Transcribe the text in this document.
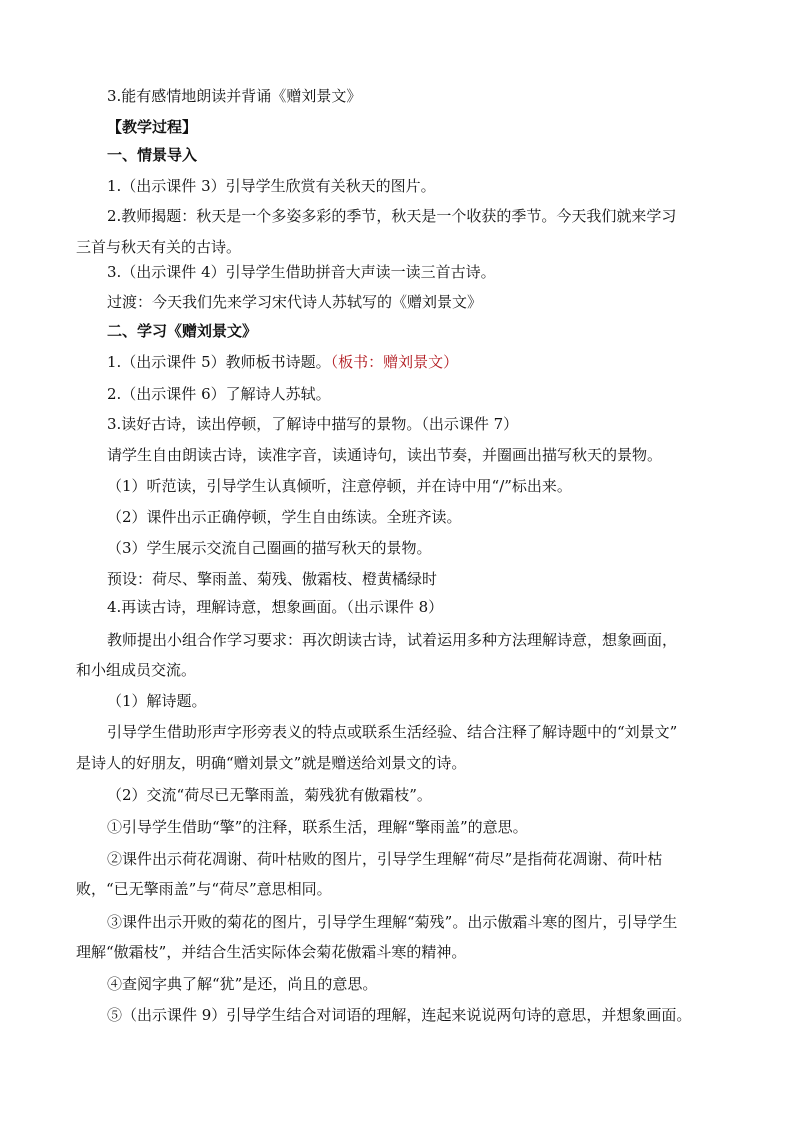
3.能有感情地朗读并背诵《赠刘景文》
【教学过程】
一、情景导入
1.（出示课件 3）引导学生欣赏有关秋天的图片。
2.教师揭题：秋天是一个多姿多彩的季节，秋天是一个收获的季节。今天我们就来学习
三首与秋天有关的古诗。
3.（出示课件 4）引导学生借助拼音大声读一读三首古诗。
过渡：今天我们先来学习宋代诗人苏轼写的《赠刘景文》
二、学习《赠刘景文》
1.（出示课件 5）教师板书诗题。（板书：赠刘景文）
2.（出示课件 6）了解诗人苏轼。
3.读好古诗，读出停顿，了解诗中描写的景物。（出示课件 7）
请学生自由朗读古诗，读准字音，读通诗句，读出节奏，并圈画出描写秋天的景物。
（1）听范读，引导学生认真倾听，注意停顿，并在诗中用“/”标出来。
（2）课件出示正确停顿，学生自由练读。全班齐读。
（3）学生展示交流自己圈画的描写秋天的景物。
预设：荷尽、擎雨盖、菊残、傲霜枝、橙黄橘绿时
4.再读古诗，理解诗意，想象画面。（出示课件 8）
教师提出小组合作学习要求：再次朗读古诗，试着运用多种方法理解诗意，想象画面，
和小组成员交流。
（1）解诗题。
引导学生借助形声字形旁表义的特点或联系生活经验、结合注释了解诗题中的“刘景文”
是诗人的好朋友，明确“赠刘景文”就是赠送给刘景文的诗。
（2）交流“荷尽已无擎雨盖，菊残犹有傲霜枝”。
①引导学生借助“擎”的注释，联系生活，理解“擎雨盖”的意思。
②课件出示荷花凋谢、荷叶枯败的图片，引导学生理解“荷尽”是指荷花凋谢、荷叶枯
败，“已无擎雨盖”与“荷尽”意思相同。
③课件出示开败的菊花的图片，引导学生理解“菊残”。出示傲霜斗寒的图片，引导学生
理解“傲霜枝”，并结合生活实际体会菊花傲霜斗寒的精神。
④查阅字典了解“犹”是还，尚且的意思。
⑤（出示课件 9）引导学生结合对词语的理解，连起来说说两句诗的意思，并想象画面。
